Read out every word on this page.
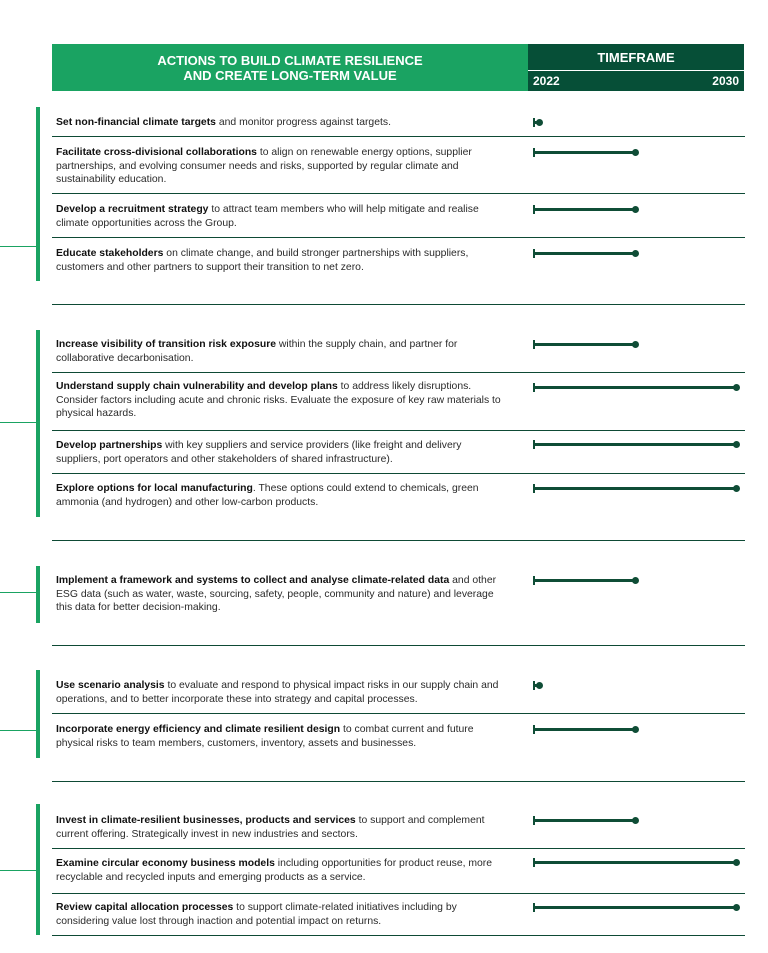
ACTIONS TO BUILD CLIMATE RESILIENCE
AND CREATE LONG-TERM VALUE
TIMEFRAME
2022	2030
Set non-financial climate targets and monitor progress against targets.
Facilitate cross-divisional collaborations to align on renewable energy options, supplier partnerships, and evolving consumer needs and risks, supported by regular climate and sustainability education.
Develop a recruitment strategy to attract team members who will help mitigate and realise climate opportunities across the Group.
Educate stakeholders on climate change, and build stronger partnerships with suppliers, customers and other partners to support their transition to net zero.
Increase visibility of transition risk exposure within the supply chain, and partner for collaborative decarbonisation.
Understand supply chain vulnerability and develop plans to address likely disruptions. Consider factors including acute and chronic risks. Evaluate the exposure of key raw materials to physical hazards.
Develop partnerships with key suppliers and service providers (like freight and delivery suppliers, port operators and other stakeholders of shared infrastructure).
Explore options for local manufacturing. These options could extend to chemicals, green ammonia (and hydrogen) and other low-carbon products.
Implement a framework and systems to collect and analyse climate-related data and other ESG data (such as water, waste, sourcing, safety, people, community and nature) and leverage this data for better decision-making.
Use scenario analysis to evaluate and respond to physical impact risks in our supply chain and operations, and to better incorporate these into strategy and capital processes.
Incorporate energy efficiency and climate resilient design to combat current and future physical risks to team members, customers, inventory, assets and businesses.
Invest in climate-resilient businesses, products and services to support and complement current offering. Strategically invest in new industries and sectors.
Examine circular economy business models including opportunities for product reuse, more recyclable and recycled inputs and emerging products as a service.
Review capital allocation processes to support climate-related initiatives including by considering value lost through inaction and potential impact on returns.
